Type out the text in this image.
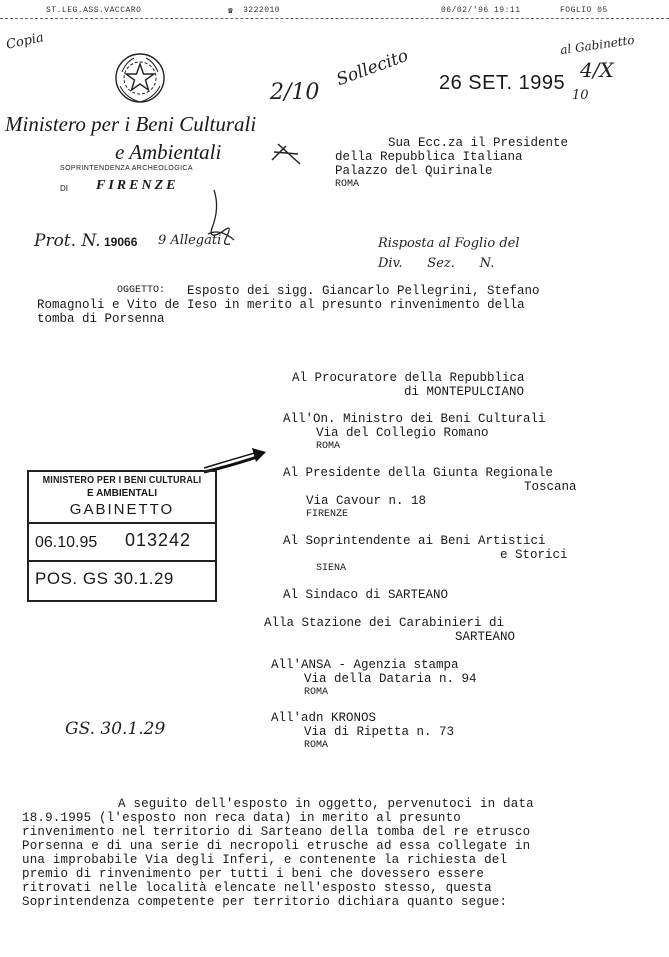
ST.LEG.ASS.VACCARO	☎ 3222010	06/02/'96 19:11	FOGLIO 05
Copia
2/10
Sollecito 26 SET. 1995
al Gabinetto
4/X
10
Ministero per i Beni Culturali
e Ambientali
SOPRINTENDENZA ARCHEOLOGICA
DI FIRENZE
Prot. N. 19066 9 Allegati
Sua Ecc.za il Presidente
della Repubblica Italiana
Palazzo del Quirinale
ROMA
Risposta al Foglio del
Div.      Sez.      N.
OGGETTO: Esposto dei sigg. Giancarlo Pellegrini, Stefano
Romagnoli e Vito de Ieso in merito al presunto rinvenimento della
tomba di Porsenna
Al Procuratore della Repubblica
di MONTEPULCIANO
All'On. Ministro dei Beni Culturali
Via del Collegio Romano
ROMA
Al Presidente della Giunta Regionale
Toscana
Via Cavour n. 18
FIRENZE
Al Soprintendente ai Beni Artistici
e Storici
SIENA
Al Sindaco di SARTEANO
Alla Stazione dei Carabinieri di
SARTEANO
All'ANSA - Agenzia stampa
Via della Dataria n. 94
ROMA
All'adn KRONOS
Via di Ripetta n. 73
ROMA
MINISTERO PER I BENI CULTURALI
E AMBIENTALI
GABINETTO
06.10.95 013242
POS. GS 30.1.29
GS. 30.1.29
A seguito dell'esposto in oggetto, pervenutoci in data
18.9.1995 (l'esposto non reca data) in merito al presunto
rinvenimento nel territorio di Sarteano della tomba del re etrusco
Porsenna e di una serie di necropoli etrusche ad essa collegate in
una improbabile Via degli Inferi, e contenente la richiesta del
premio di rinvenimento per tutti i beni che dovessero essere
ritrovati nelle località elencate nell'esposto stesso, questa
Soprintendenza competente per territorio dichiara quanto segue:
